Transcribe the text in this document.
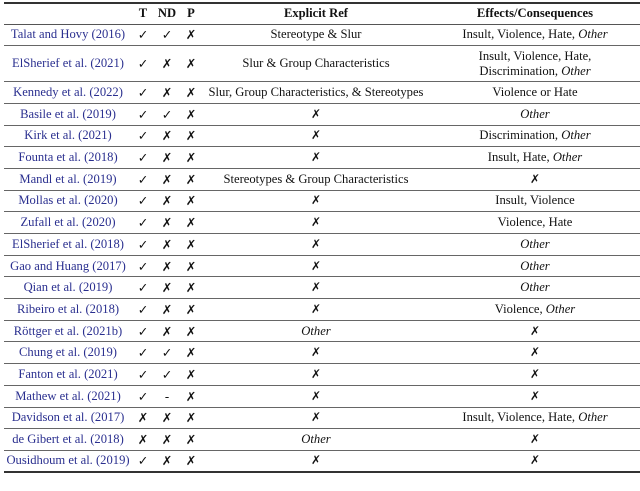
	T	ND	P	Explicit Ref	Effects/Consequences
Talat and Hovy (2016)	✓	✓	✗	Stereotype & Slur	Insult, Violence, Hate, Other
ElSherief et al. (2021)	✓	✗	✗	Slur & Group Characteristics	Insult, Violence, Hate,
Discrimination, Other
Kennedy et al. (2022)	✓	✗	✗	Slur, Group Characteristics, & Stereotypes	Violence or Hate
Basile et al. (2019)	✓	✓	✗	✗	Other
Kirk et al. (2021)	✓	✗	✗	✗	Discrimination, Other
Founta et al. (2018)	✓	✗	✗	✗	Insult, Hate, Other
Mandl et al. (2019)	✓	✗	✗	Stereotypes & Group Characteristics	✗
Mollas et al. (2020)	✓	✗	✗	✗	Insult, Violence
Zufall et al. (2020)	✓	✗	✗	✗	Violence, Hate
ElSherief et al. (2018)	✓	✗	✗	✗	Other
Gao and Huang (2017)	✓	✗	✗	✗	Other
Qian et al. (2019)	✓	✗	✗	✗	Other
Ribeiro et al. (2018)	✓	✗	✗	✗	Violence, Other
Röttger et al. (2021b)	✓	✗	✗	Other	✗
Chung et al. (2019)	✓	✓	✗	✗	✗
Fanton et al. (2021)	✓	✓	✗	✗	✗
Mathew et al. (2021)	✓	-	✗	✗	✗
Davidson et al. (2017)	✗	✗	✗	✗	Insult, Violence, Hate, Other
de Gibert et al. (2018)	✗	✗	✗	Other	✗
Ousidhoum et al. (2019)	✓	✗	✗	✗	✗
